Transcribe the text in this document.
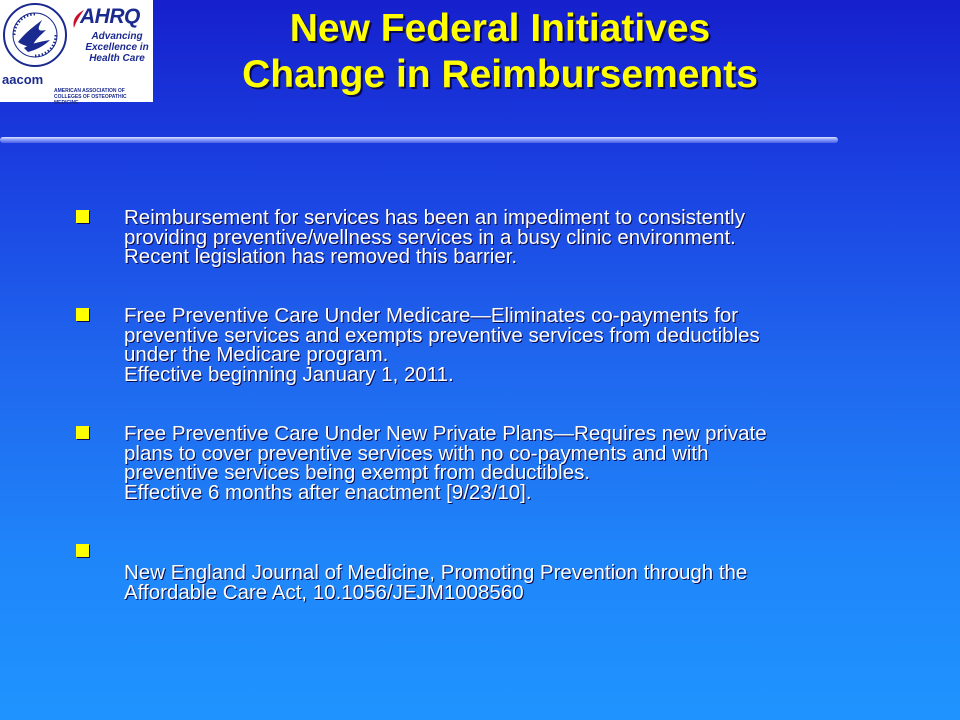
AHRQ
Advancing
Excellence in
Health Care
aacom
AMERICAN ASSOCIATION OF
COLLEGES OF OSTEOPATHIC MEDICINE
New Federal Initiatives
Change in Reimbursements
Reimbursement for services has been an impediment to consistently
providing preventive/wellness services in a busy clinic environment.
Recent legislation has removed this barrier.
Free Preventive Care Under Medicare—Eliminates co-payments for
preventive services and exempts preventive services from deductibles
under the Medicare program.
Effective beginning January 1, 2011.
Free Preventive Care Under New Private Plans—Requires new private
plans to cover preventive services with no co-payments and with
preventive services being exempt from deductibles.
Effective 6 months after enactment [9/23/10].
New England Journal of Medicine, Promoting Prevention through the
Affordable Care Act, 10.1056/JEJM1008560
